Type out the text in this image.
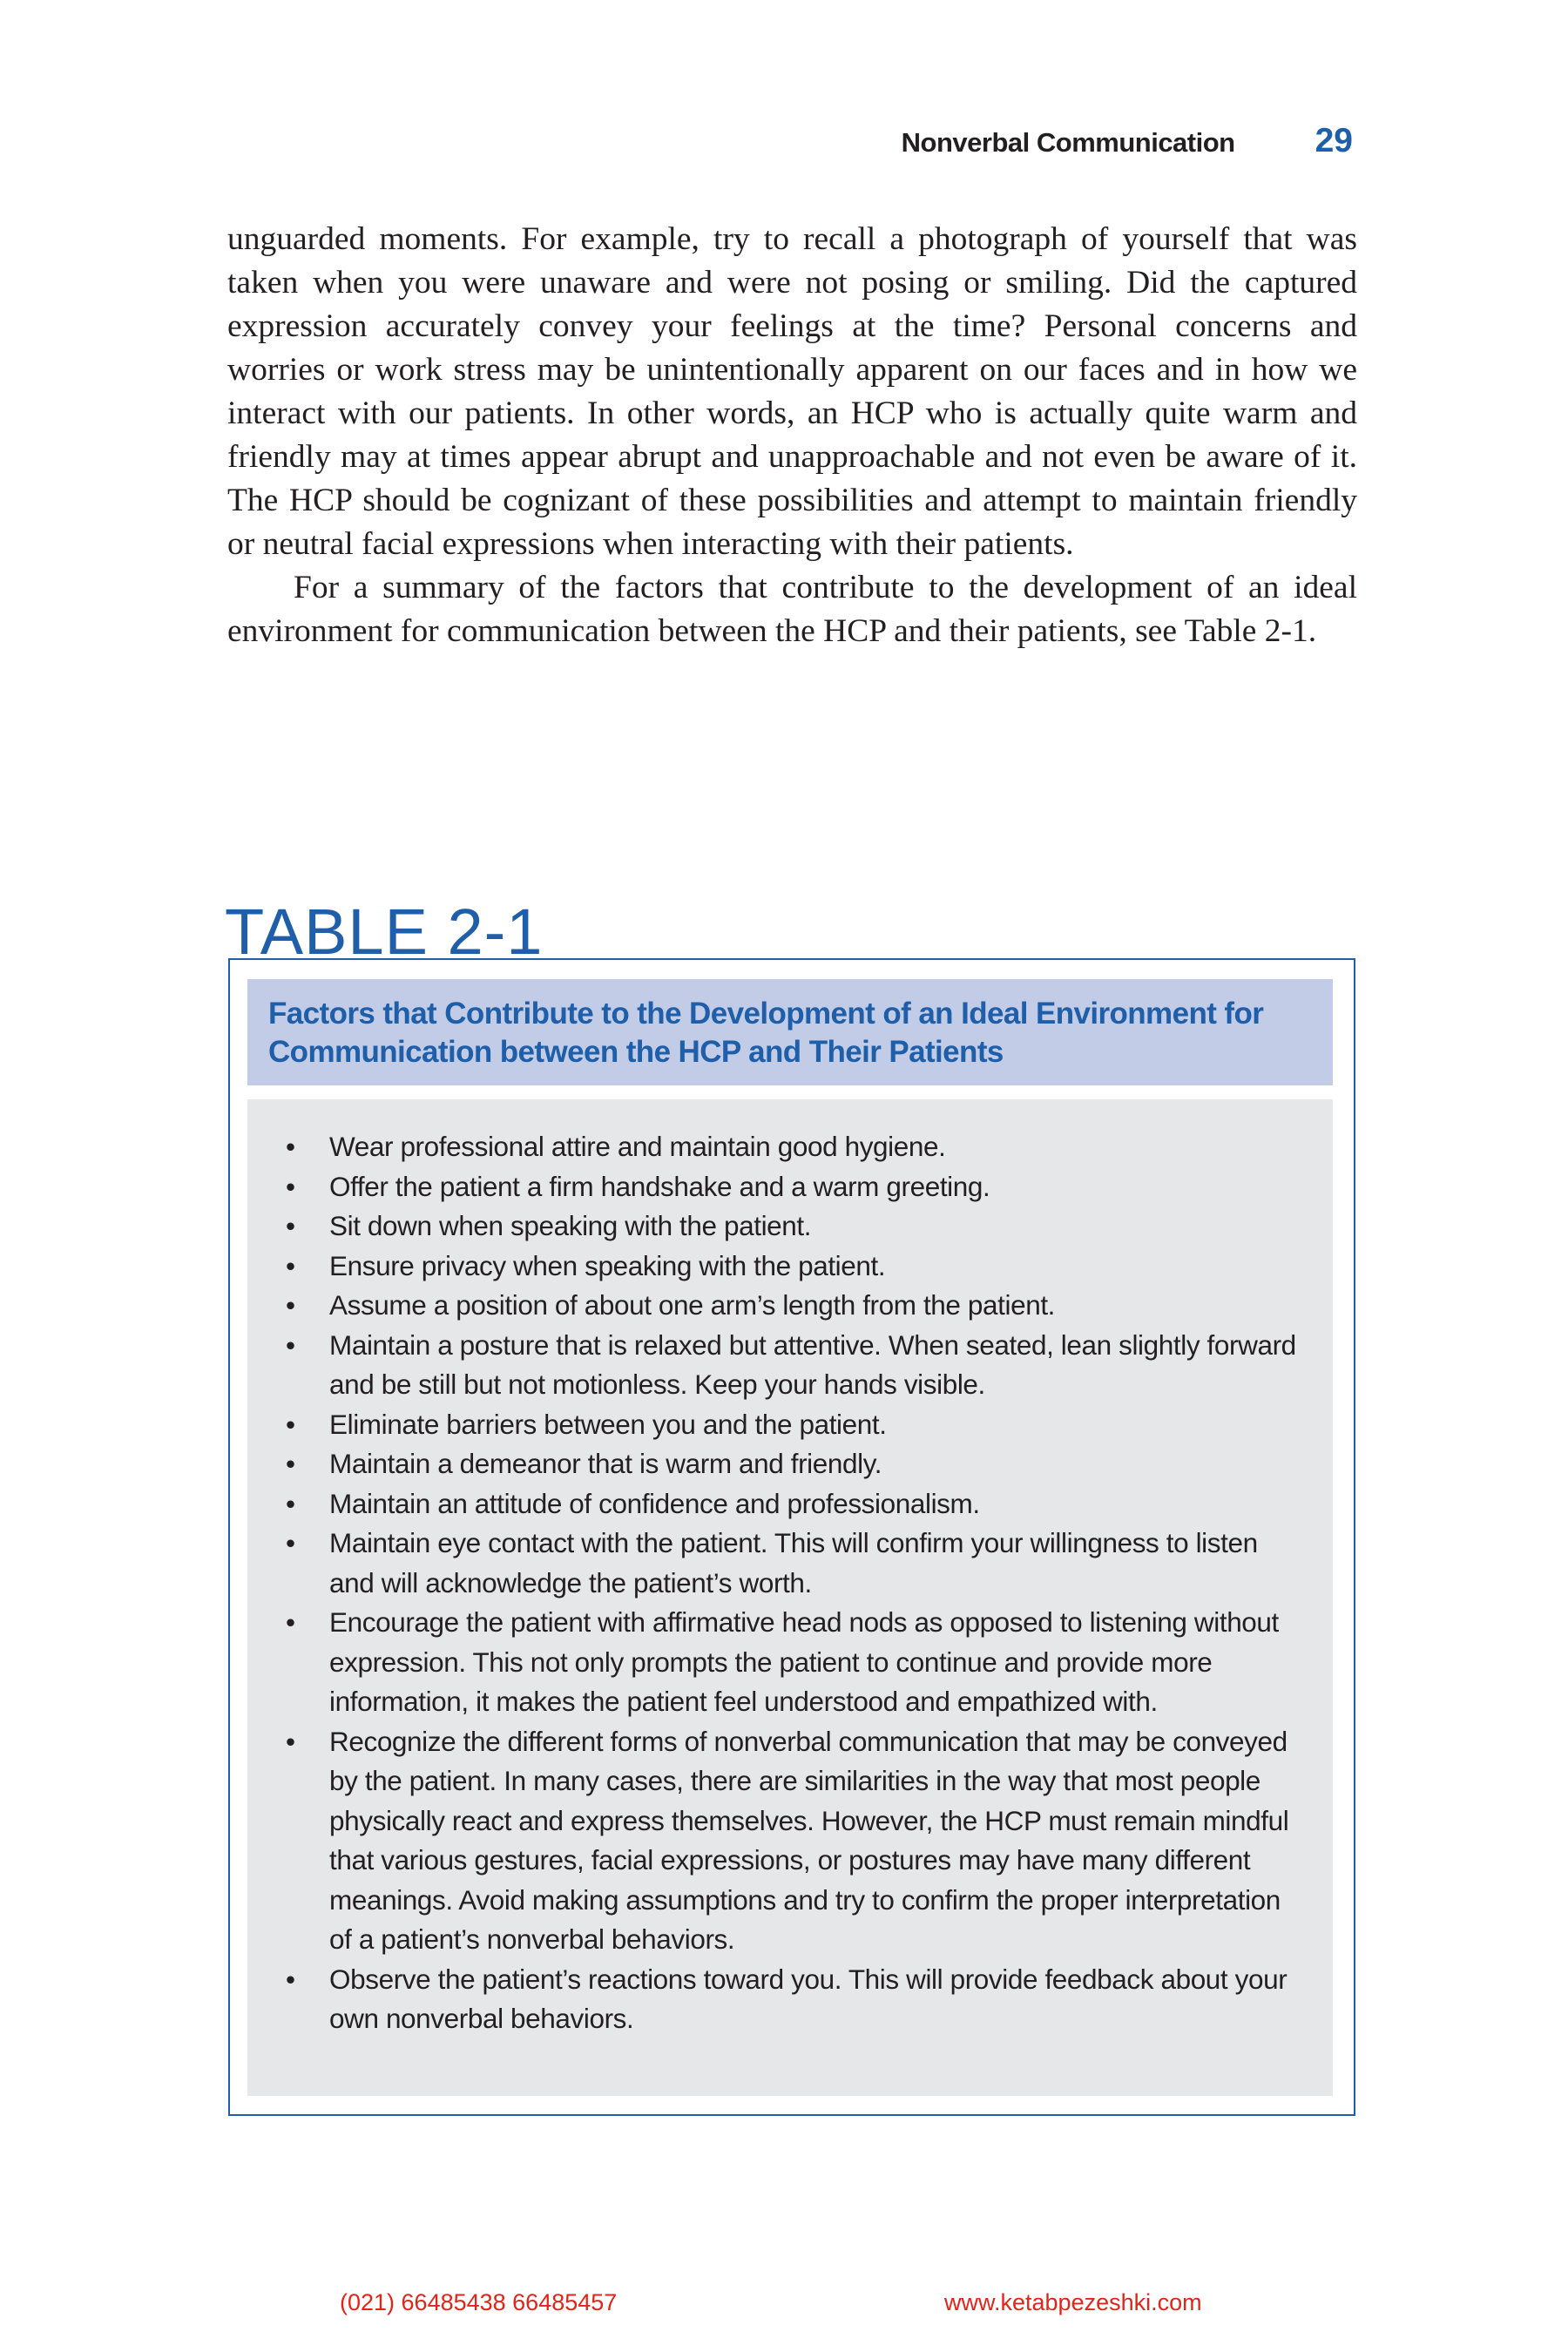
Nonverbal Communication 29

unguarded moments. For example, try to recall a photograph of yourself that was taken when you were unaware and were not posing or smiling. Did the captured expression accurately convey your feelings at the time? Personal concerns and worries or work stress may be unintentionally apparent on our faces and in how we interact with our patients. In other words, an HCP who is actually quite warm and friendly may at times appear abrupt and unapproachable and not even be aware of it. The HCP should be cognizant of these possibilities and attempt to maintain friendly or neutral facial expressions when interacting with their patients.

For a summary of the factors that contribute to the development of an ideal environment for communication between the HCP and their patients, see Table 2-1.

TABLE 2-1
Factors that Contribute to the Development of an Ideal Environment for Communication between the HCP and Their Patients
• Wear professional attire and maintain good hygiene.
• Offer the patient a firm handshake and a warm greeting.
• Sit down when speaking with the patient.
• Ensure privacy when speaking with the patient.
• Assume a position of about one arm’s length from the patient.
• Maintain a posture that is relaxed but attentive. When seated, lean slightly forward and be still but not motionless. Keep your hands visible.
• Eliminate barriers between you and the patient.
• Maintain a demeanor that is warm and friendly.
• Maintain an attitude of confidence and professionalism.
• Maintain eye contact with the patient. This will confirm your willingness to listen and will acknowledge the patient’s worth.
• Encourage the patient with affirmative head nods as opposed to listening without expression. This not only prompts the patient to continue and provide more information, it makes the patient feel understood and empathized with.
• Recognize the different forms of nonverbal communication that may be conveyed by the patient. In many cases, there are similarities in the way that most people physically react and express themselves. However, the HCP must remain mindful that various gestures, facial expressions, or postures may have many different meanings. Avoid making assumptions and try to confirm the proper interpretation of a patient’s nonverbal behaviors.
• Observe the patient’s reactions toward you. This will provide feedback about your own nonverbal behaviors.
(021) 66485438 66485457	www.ketabpezeshki.com
